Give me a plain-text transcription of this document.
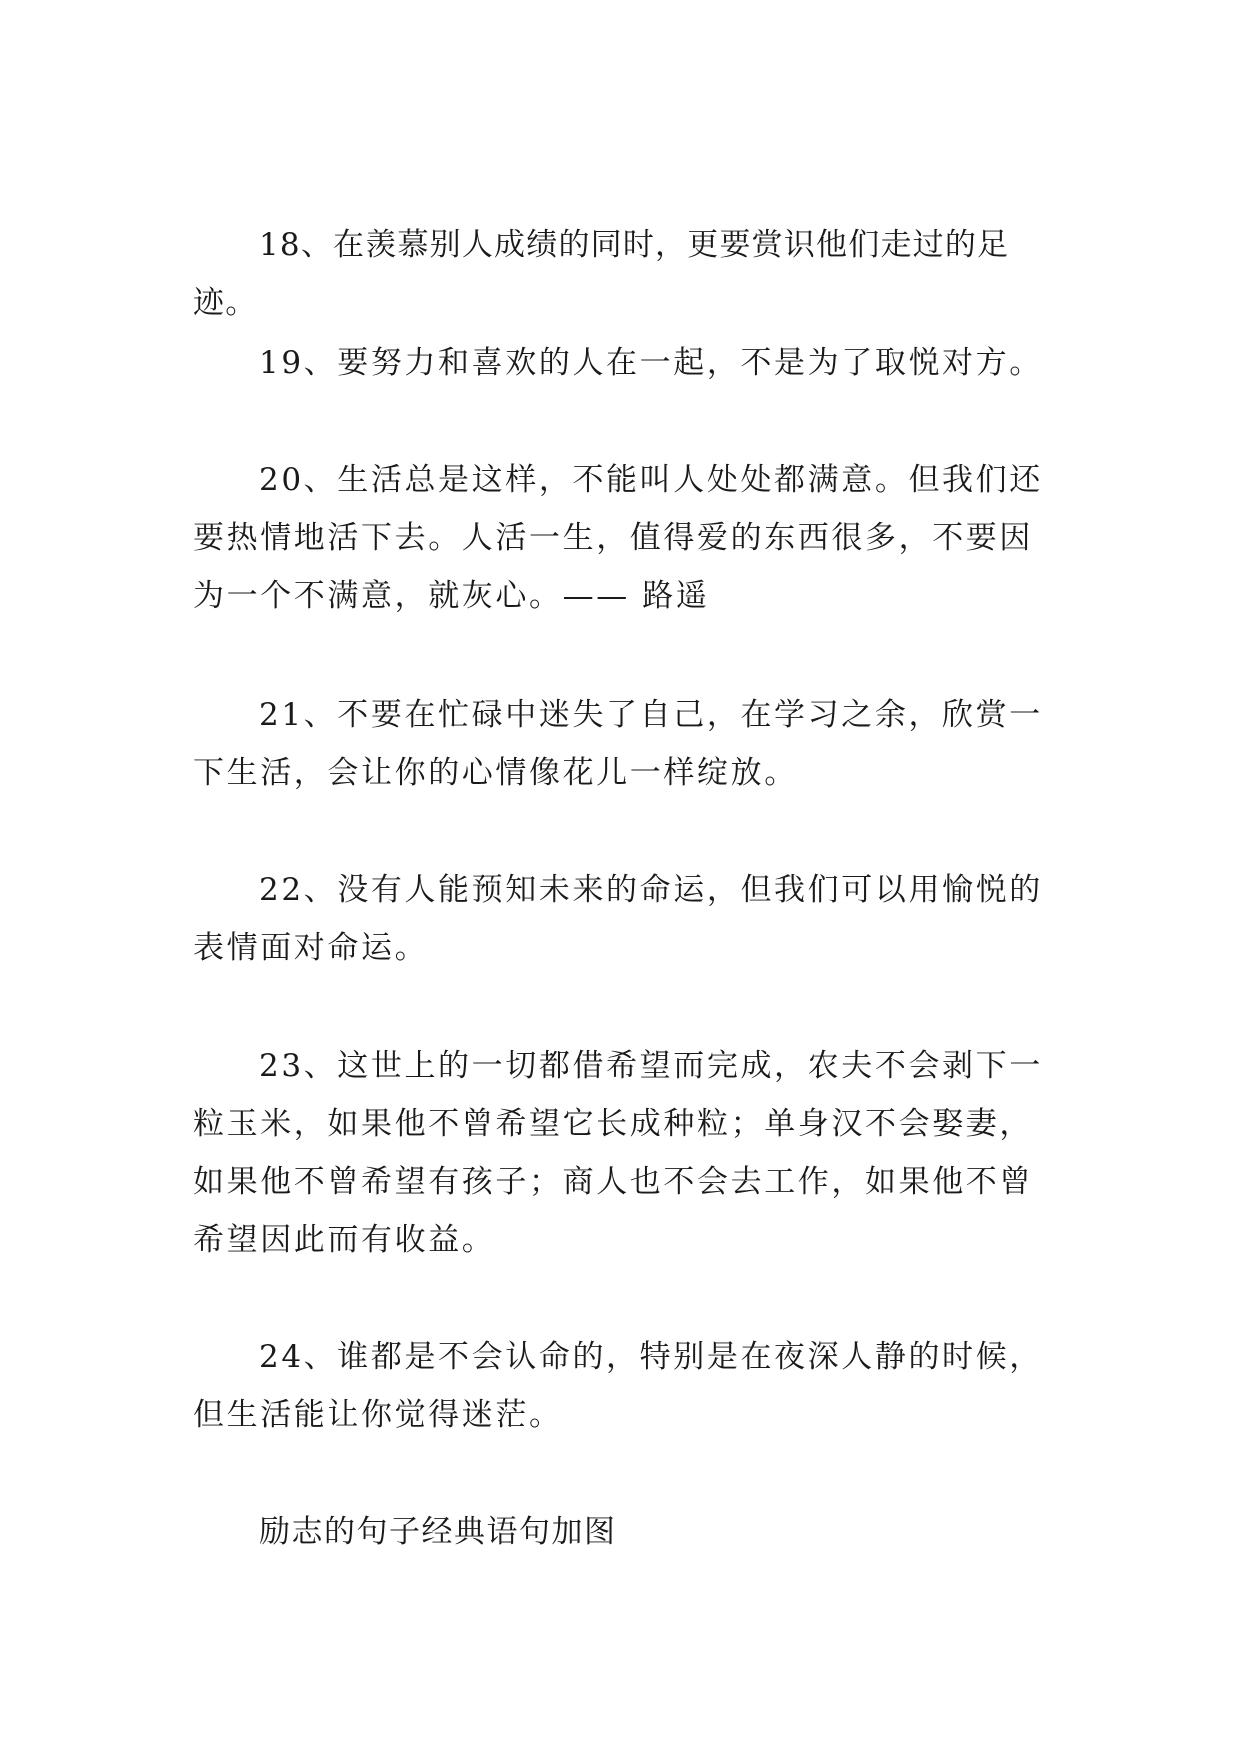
18、在羡慕别人成绩的同时，更要赏识他们走过的足迹。

19、要努力和喜欢的人在一起，不是为了取悦对方。

20、生活总是这样，不能叫人处处都满意。但我们还要热情地活下去。人活一生，值得爱的东西很多，不要因为一个不满意，就灰心。—— 路遥

21、不要在忙碌中迷失了自己，在学习之余，欣赏一下生活，会让你的心情像花儿一样绽放。

22、没有人能预知未来的命运，但我们可以用愉悦的表情面对命运。

23、这世上的一切都借希望而完成，农夫不会剥下一粒玉米，如果他不曾希望它长成种粒；单身汉不会娶妻，如果他不曾希望有孩子；商人也不会去工作，如果他不曾希望因此而有收益。

24、谁都是不会认命的，特别是在夜深人静的时候，但生活能让你觉得迷茫。

励志的句子经典语句加图
